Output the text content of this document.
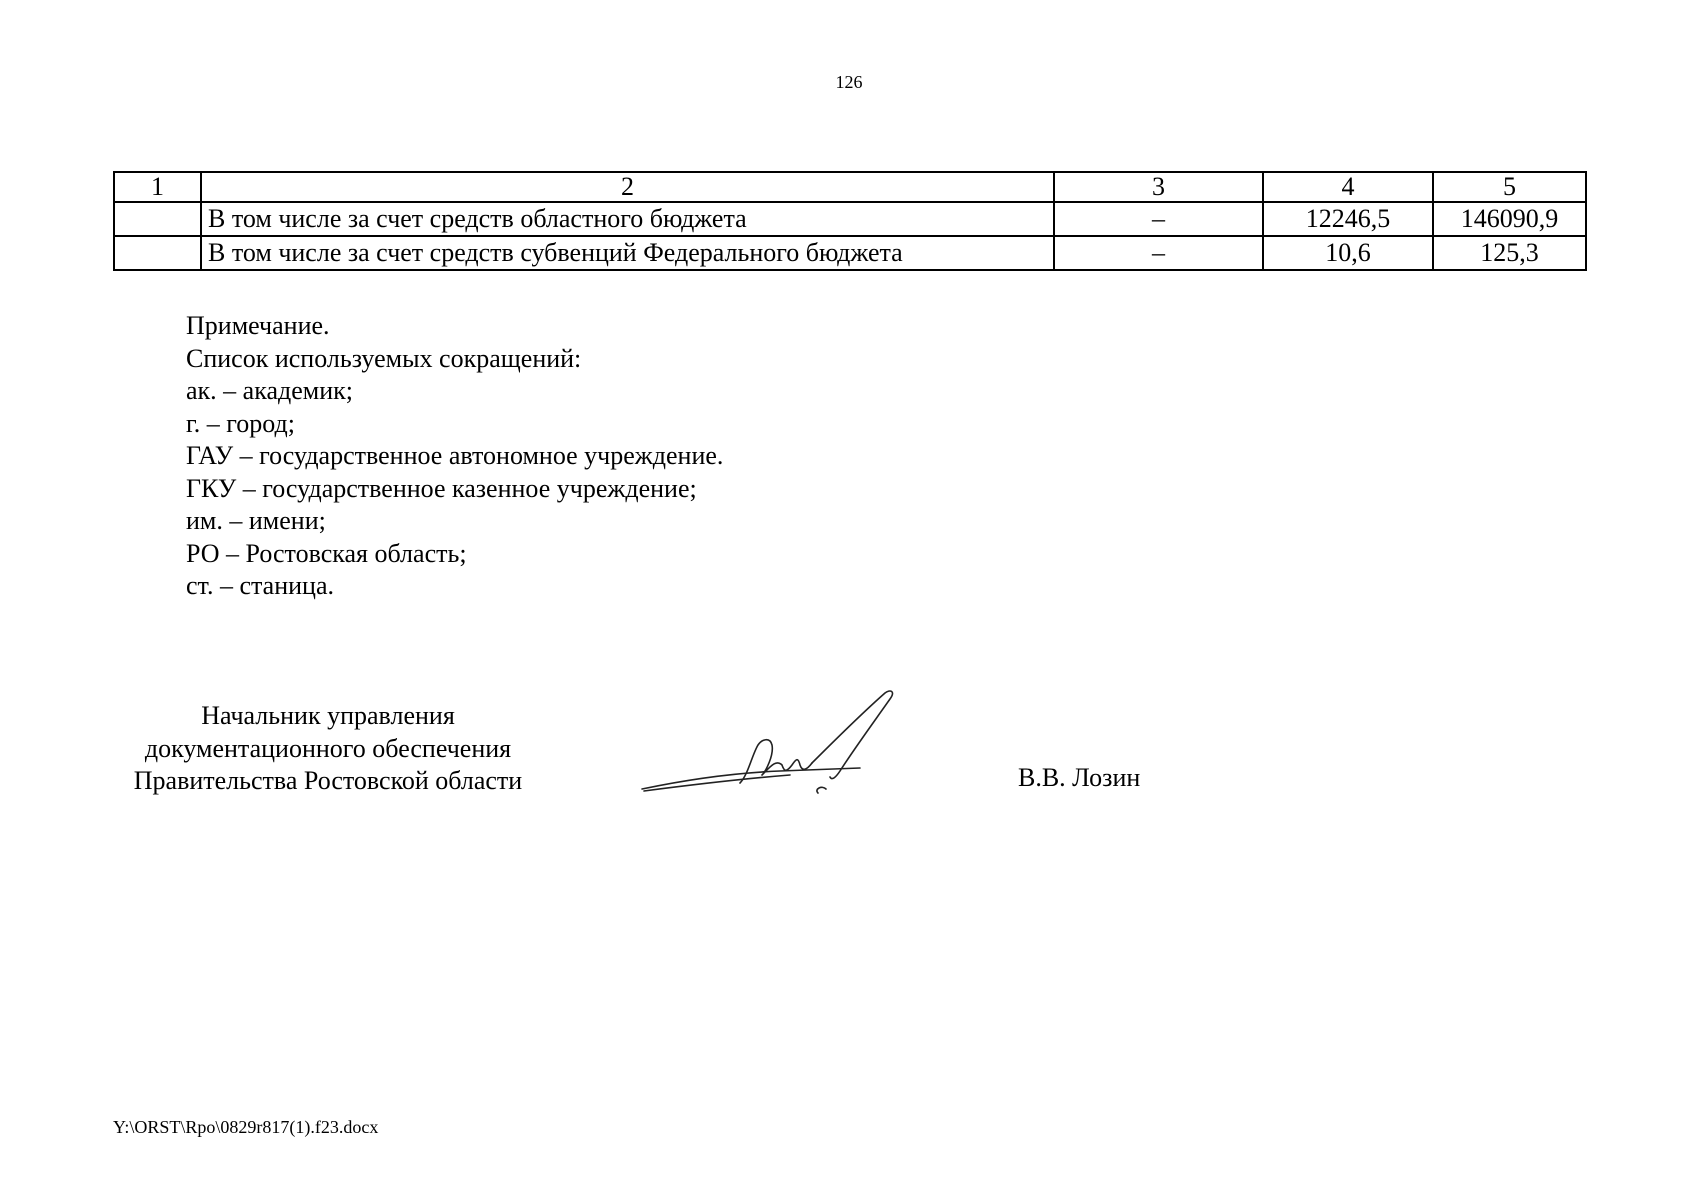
126
1	2	3	4	5
	В том числе за счет средств областного бюджета	–	12246,5	146090,9
	В том числе за счет средств субвенций Федерального бюджета	–	10,6	125,3
Примечание.
Список используемых сокращений:
ак. – академик;
г. – город;
ГАУ – государственное автономное учреждение.
ГКУ – государственное казенное учреждение;
им. – имени;
РО – Ростовская область;
ст. – станица.
Начальник управления
документационного обеспечения
Правительства Ростовской области	В.В. Лозин
Y:\ORST\Rpo\0829r817(1).f23.docx
